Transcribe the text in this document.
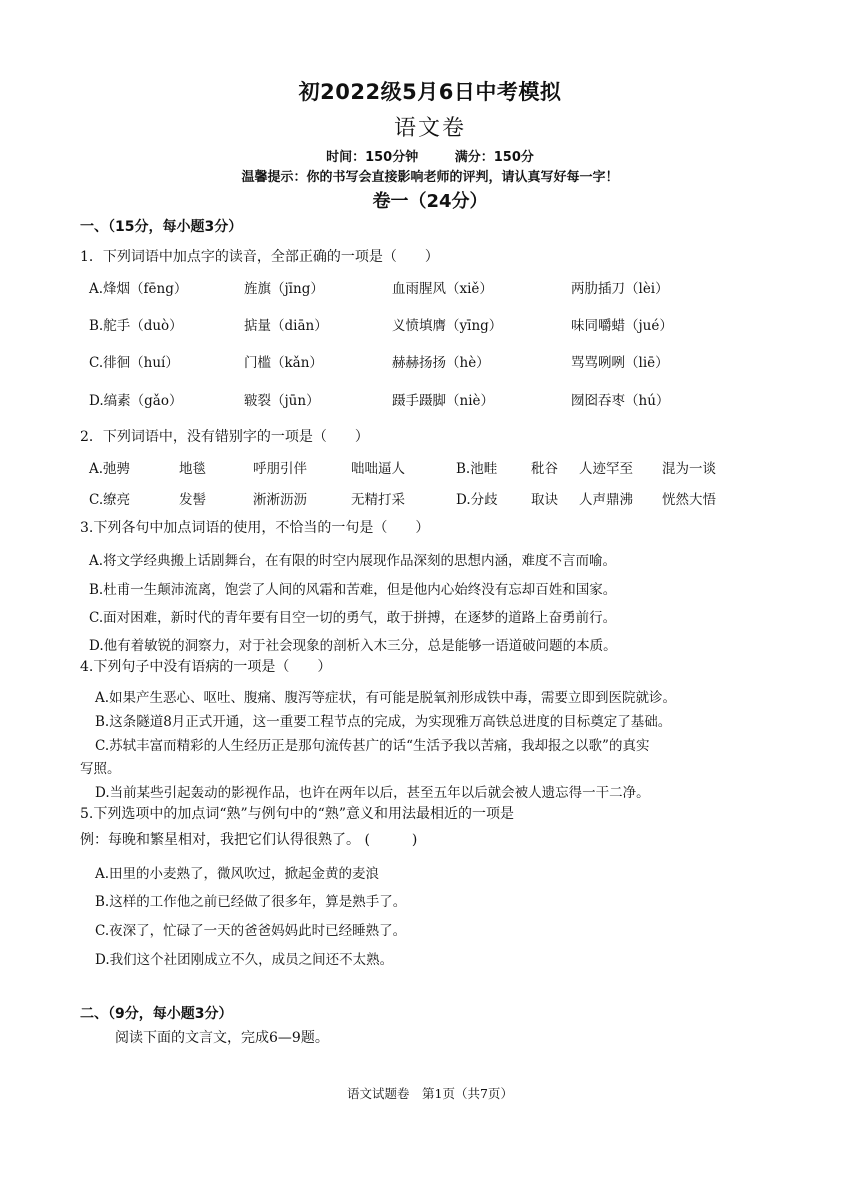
初2022级5月6日中考模拟
语文卷
时间：150分钟	满分：150分
温馨提示：你的书写会直接影响老师的评判，请认真写好每一字！
卷一（24分）
一、（15分，每小题3分）
1．下列词语中加点字的读音，全部正确的一项是（　　）
A.烽烟（fēng）	旌旗（jīng）	血雨腥风（xiě）	两肋插刀（lèi）
B.舵手（duò）	掂量（diān）	义愤填膺（yīng）	味同嚼蜡（jué）
C.徘徊（huí）	门槛（kǎn）	赫赫扬扬（hè）	骂骂咧咧（liē）
D.缟素（gǎo）	皲裂（jūn）	蹑手蹑脚（niè）	囫囵吞枣（hú）
2．下列词语中，没有错别字的一项是（　　）
A.弛骋	地毯	呼朋引伴	咄咄逼人	B.池畦	秕谷 人迹罕至 混为一谈
C.缭亮	发髻	淅淅沥沥	无精打采	D.分歧 取诀 人声鼎沸 恍然大悟
3.下列各句中加点词语的使用，不恰当的一句是（　　）
A.将文学经典搬上话剧舞台，在有限的时空内展现作品深刻的思想内涵，难度不言而喻。
B.杜甫一生颠沛流离，饱尝了人间的风霜和苦难，但是他内心始终没有忘却百姓和国家。
C.面对困难，新时代的青年要有目空一切的勇气，敢于拼搏，在逐梦的道路上奋勇前行。
D.他有着敏锐的洞察力，对于社会现象的剖析入木三分，总是能够一语道破问题的本质。
4.下列句子中没有语病的一项是（　　）
A.如果产生恶心、呕吐、腹痛、腹泻等症状，有可能是脱氧剂形成铁中毒，需要立即到医院就诊。
B.这条隧道8月正式开通，这一重要工程节点的完成，为实现雅万高铁总进度的目标奠定了基础。
C.苏轼丰富而精彩的人生经历正是那句流传甚广的话“生活予我以苦痛，我却报之以歌”的真实
写照。
D.当前某些引起轰动的影视作品，也许在两年以后，甚至五年以后就会被人遗忘得一干二净。
5.下列选项中的加点词“熟”与例句中的“熟”意义和用法最相近的一项是
例：每晚和繁星相对，我把它们认得很熟了。 (　　　)
A.田里的小麦熟了，微风吹过，掀起金黄的麦浪
B.这样的工作他之前已经做了很多年，算是熟手了。
C.夜深了，忙碌了一天的爸爸妈妈此时已经睡熟了。
D.我们这个社团刚成立不久，成员之间还不太熟。
二、（9分，每小题3分）
阅读下面的文言文，完成6—9题。
语文试题卷　第1页（共7页）
